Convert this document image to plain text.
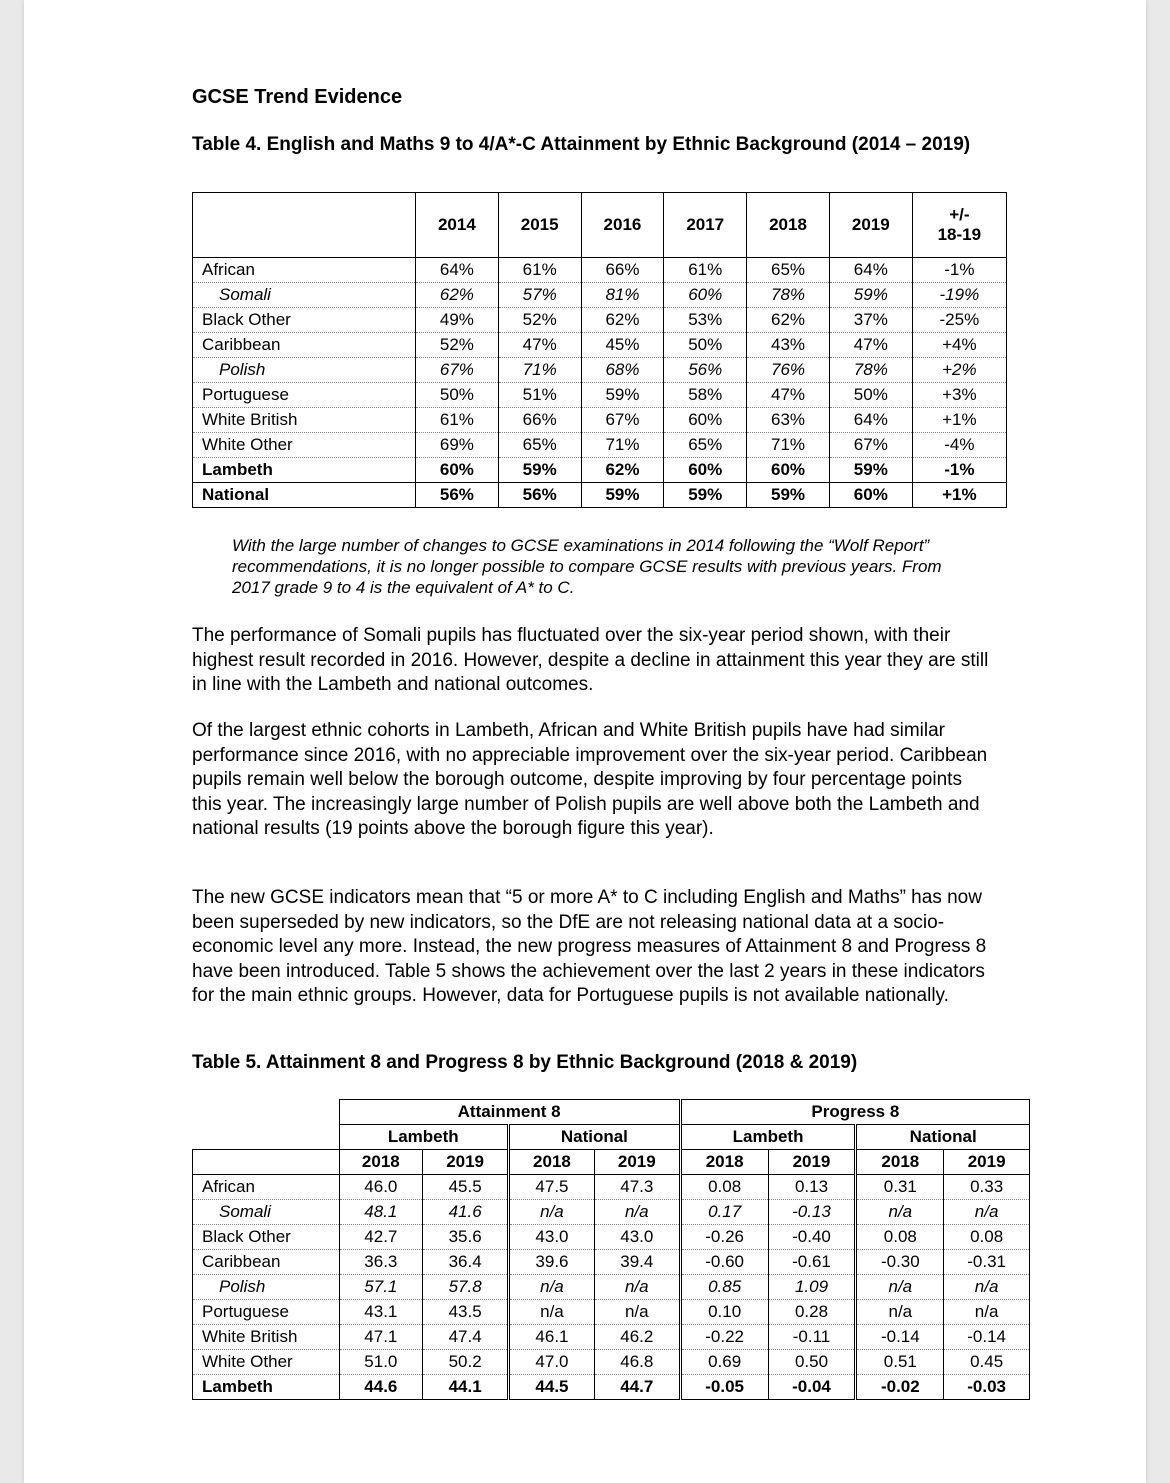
GCSE Trend Evidence

Table 4. English and Maths 9 to 4/A*-C Attainment by Ethnic Background (2014 – 2019)

	2014	2015	2016	2017	2018	2019	+/-
18-19
African	64%	61%	66%	61%	65%	64%	-1%
Somali	62%	57%	81%	60%	78%	59%	-19%
Black Other	49%	52%	62%	53%	62%	37%	-25%
Caribbean	52%	47%	45%	50%	43%	47%	+4%
Polish	67%	71%	68%	56%	76%	78%	+2%
Portuguese	50%	51%	59%	58%	47%	50%	+3%
White British	61%	66%	67%	60%	63%	64%	+1%
White Other	69%	65%	71%	65%	71%	67%	-4%
Lambeth	60%	59%	62%	60%	60%	59%	-1%
National	56%	56%	59%	59%	59%	60%	+1%

With the large number of changes to GCSE examinations in 2014 following the “Wolf Report” recommendations, it is no longer possible to compare GCSE results with previous years. From 2017 grade 9 to 4 is the equivalent of A* to C.

The performance of Somali pupils has fluctuated over the six-year period shown, with their highest result recorded in 2016. However, despite a decline in attainment this year they are still in line with the Lambeth and national outcomes.

Of the largest ethnic cohorts in Lambeth, African and White British pupils have had similar performance since 2016, with no appreciable improvement over the six-year period. Caribbean pupils remain well below the borough outcome, despite improving by four percentage points this year. The increasingly large number of Polish pupils are well above both the Lambeth and national results (19 points above the borough figure this year).

The new GCSE indicators mean that “5 or more A* to C including English and Maths” has now been superseded by new indicators, so the DfE are not releasing national data at a socio-economic level any more. Instead, the new progress measures of Attainment 8 and Progress 8 have been introduced. Table 5 shows the achievement over the last 2 years in these indicators for the main ethnic groups. However, data for Portuguese pupils is not available nationally.

Table 5. Attainment 8 and Progress 8 by Ethnic Background (2018 & 2019)

	Attainment 8				Progress 8			
	Lambeth		National		Lambeth		National	
	2018	2019	2018	2019	2018	2019	2018	2019
African	46.0	45.5	47.5	47.3	0.08	0.13	0.31	0.33
Somali	48.1	41.6	n/a	n/a	0.17	-0.13	n/a	n/a
Black Other	42.7	35.6	43.0	43.0	-0.26	-0.40	0.08	0.08
Caribbean	36.3	36.4	39.6	39.4	-0.60	-0.61	-0.30	-0.31
Polish	57.1	57.8	n/a	n/a	0.85	1.09	n/a	n/a
Portuguese	43.1	43.5	n/a	n/a	0.10	0.28	n/a	n/a
White British	47.1	47.4	46.1	46.2	-0.22	-0.11	-0.14	-0.14
White Other	51.0	50.2	47.0	46.8	0.69	0.50	0.51	0.45
Lambeth	44.6	44.1	44.5	44.7	-0.05	-0.04	-0.02	-0.03
